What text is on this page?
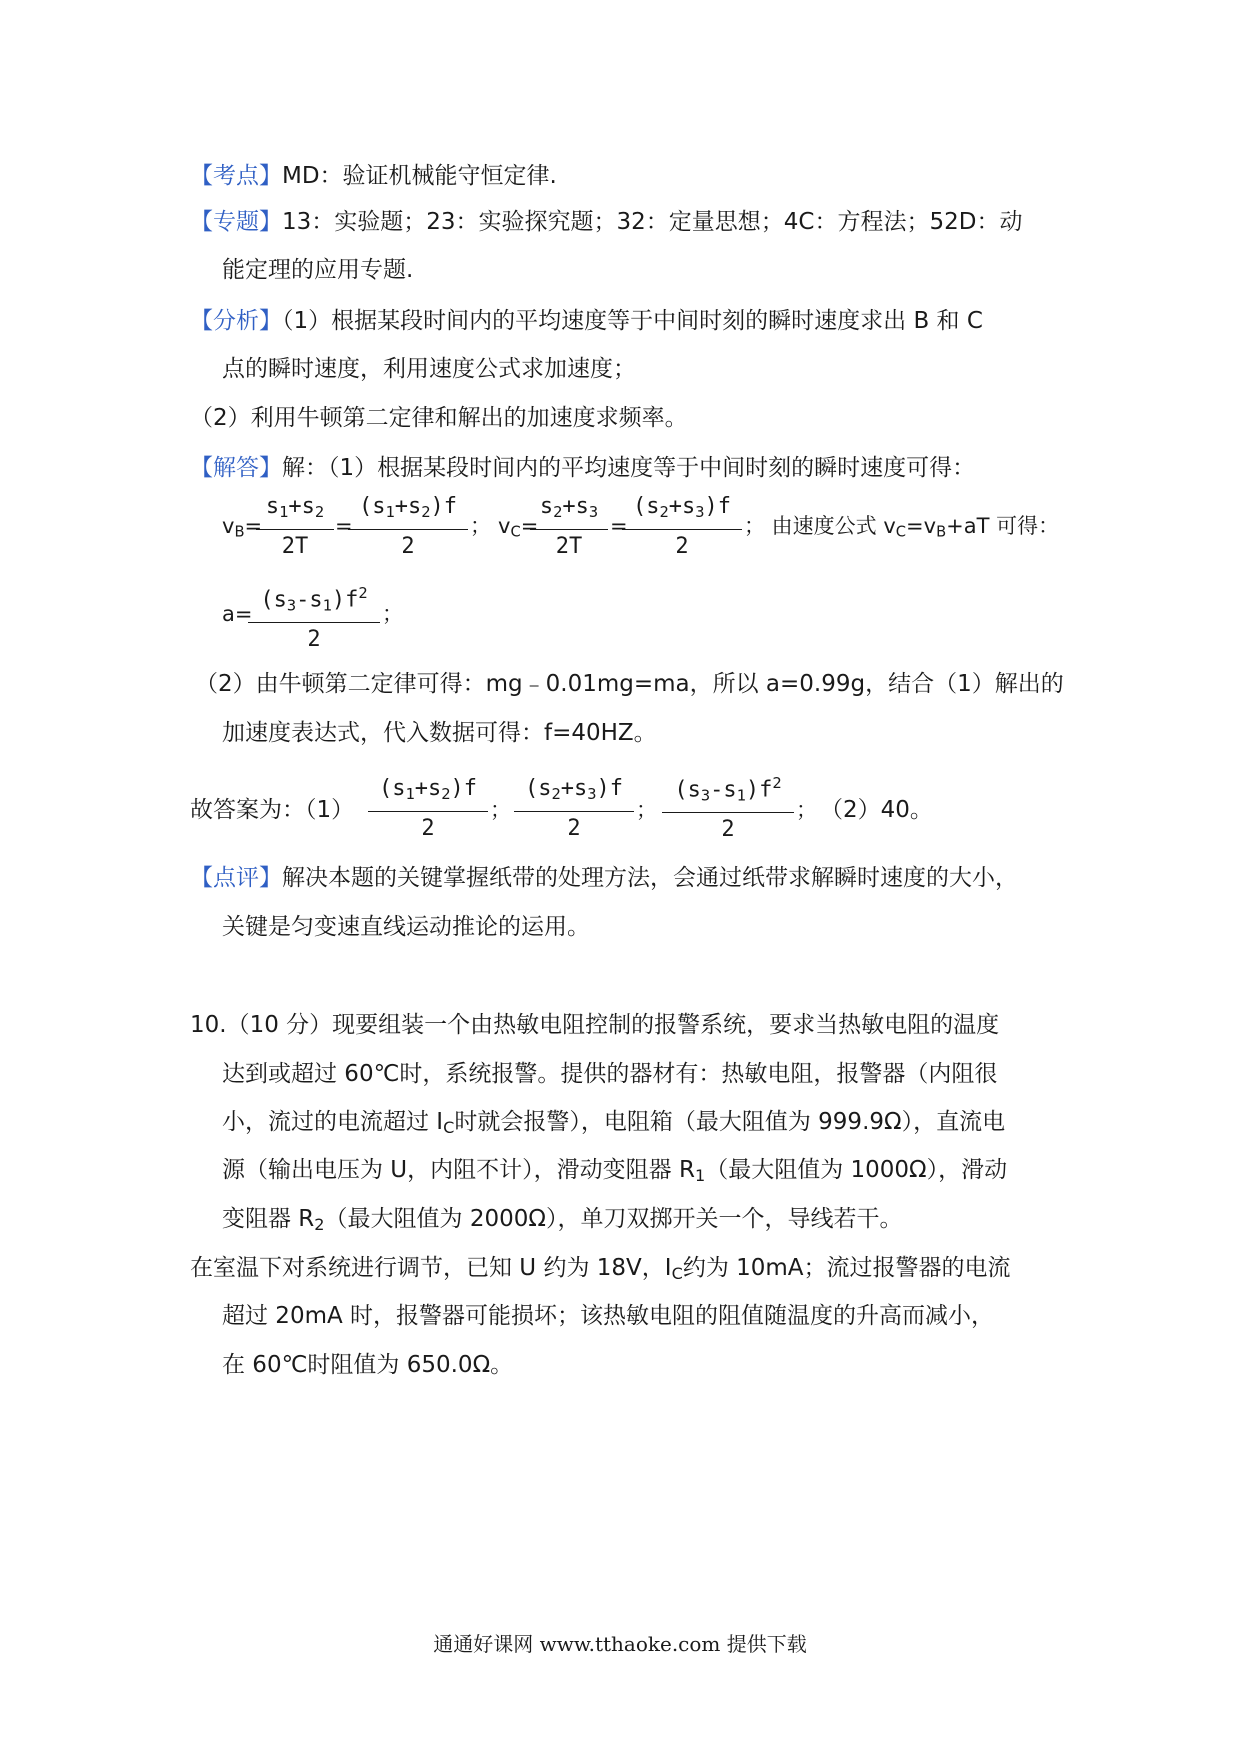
【考点】MD：验证机械能守恒定律.
【专题】13：实验题；23：实验探究题；32：定量思想；4C：方程法；52D：动
能定理的应用专题.
【分析】（1）根据某段时间内的平均速度等于中间时刻的瞬时速度求出 B 和 C
点的瞬时速度，利用速度公式求加速度；
（2）利用牛顿第二定律和解出的加速度求频率。
【解答】解：（1）根据某段时间内的平均速度等于中间时刻的瞬时速度可得：
$v_B=$
$s_1+s_2$
2T
=
$(s_1+s_2)f$
2
； $v_C=$
$s_2+s_3$
2T
=
$(s_2+s_3)f$
2
； 由速度公式 $v_C=v_B+aT$ 可得：
a=
$(s_3-s_1)f^2$
2
；
（2）由牛顿第二定律可得：mg﹣0.01mg=ma，所以 a=0.99g，结合（1）解出的
加速度表达式，代入数据可得：f=40HZ。
故答案为：（1）
$(s_1+s_2)f$
2
；
$(s_2+s_3)f$
2
；
$(s_3-s_1)f^2$
2
； （2）40。
【点评】解决本题的关键掌握纸带的处理方法，会通过纸带求解瞬时速度的大小，
关键是匀变速直线运动推论的运用。
10.（10 分）现要组装一个由热敏电阻控制的报警系统，要求当热敏电阻的温度
达到或超过 60℃时，系统报警。提供的器材有：热敏电阻，报警器（内阻很
小，流过的电流超过 $I_C$时就会报警），电阻箱（最大阻值为 999.9Ω），直流电
源（输出电压为 U，内阻不计），滑动变阻器 $R_1$（最大阻值为 1000Ω），滑动
变阻器 $R_2$（最大阻值为 2000Ω），单刀双掷开关一个，导线若干。
在室温下对系统进行调节，已知 U 约为 18V，$I_C$约为 10mA；流过报警器的电流
超过 20mA 时，报警器可能损坏；该热敏电阻的阻值随温度的升高而减小，
在 60℃时阻值为 650.0Ω。
通通好课网 www.tthaoke.com 提供下载
